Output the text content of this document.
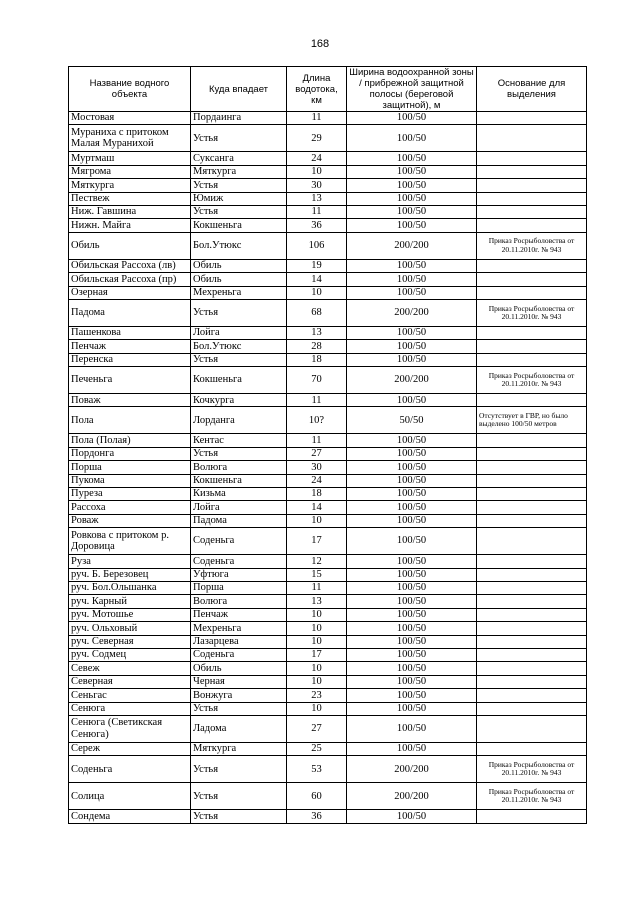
168
Название водного объекта	Куда впадает	Длина водотока, км	Ширина водоохранной зоны / прибрежной защитной полосы (береговой защитной), м	Основание для выделения
Мостовая	Пордаинга	11	100/50	
Мураниха с притоком Малая Муранихой	Устья	29	100/50	
Муртмаш	Суксанга	24	100/50	
Мягрома	Мяткурга	10	100/50	
Мяткурга	Устья	30	100/50	
Пествеж	Юмиж	13	100/50	
Ниж. Гавшина	Устья	11	100/50	
Нижн. Майга	Кокшеньга	36	100/50	
Обиль	Бол.Утюкс	106	200/200	Приказ Росрыболовства от 20.11.2010г. № 943
Обильская Рассоха (лв)	Обиль	19	100/50	
Обильская Рассоха (пр)	Обиль	14	100/50	
Озерная	Мехреньга	10	100/50	
Падома	Устья	68	200/200	Приказ Росрыболовства от 20.11.2010г. № 943
Пашенкова	Лойга	13	100/50	
Пенчаж	Бол.Утюкс	28	100/50	
Перенска	Устья	18	100/50	
Печеньга	Кокшеньга	70	200/200	Приказ Росрыболовства от 20.11.2010г. № 943
Поваж	Кочкурга	11	100/50	
Пола	Лорданга	10?	50/50	Отсутствует в ГВР, но было выделено 100/50 метров
Пола (Полая)	Кентас	11	100/50	
Пордонга	Устья	27	100/50	
Порша	Волюга	30	100/50	
Пукома	Кокшеньга	24	100/50	
Пуреза	Кизьма	18	100/50	
Рассоха	Лойга	14	100/50	
Роваж	Падома	10	100/50	
Ровкова с притоком р. Доровица	Соденьга	17	100/50	
Руза	Соденьга	12	100/50	
руч. Б. Березовец	Уфтюга	15	100/50	
руч. Бол.Ольшанка	Порша	11	100/50	
руч. Карный	Волюга	13	100/50	
руч. Мотошье	Пенчаж	10	100/50	
руч. Ольховый	Мехреньга	10	100/50	
руч. Северная	Лазарцева	10	100/50	
руч. Содмец	Соденьга	17	100/50	
Севеж	Обиль	10	100/50	
Северная	Черная	10	100/50	
Сеньгас	Вонжуга	23	100/50	
Сенюга	Устья	10	100/50	
Сенюга (Светикская Сенюга)	Ладома	27	100/50	
Сереж	Мяткурга	25	100/50	
Соденьга	Устья	53	200/200	Приказ Росрыболовства от 20.11.2010г. № 943
Солица	Устья	60	200/200	Приказ Росрыболовства от 20.11.2010г. № 943
Сондема	Устья	36	100/50	
